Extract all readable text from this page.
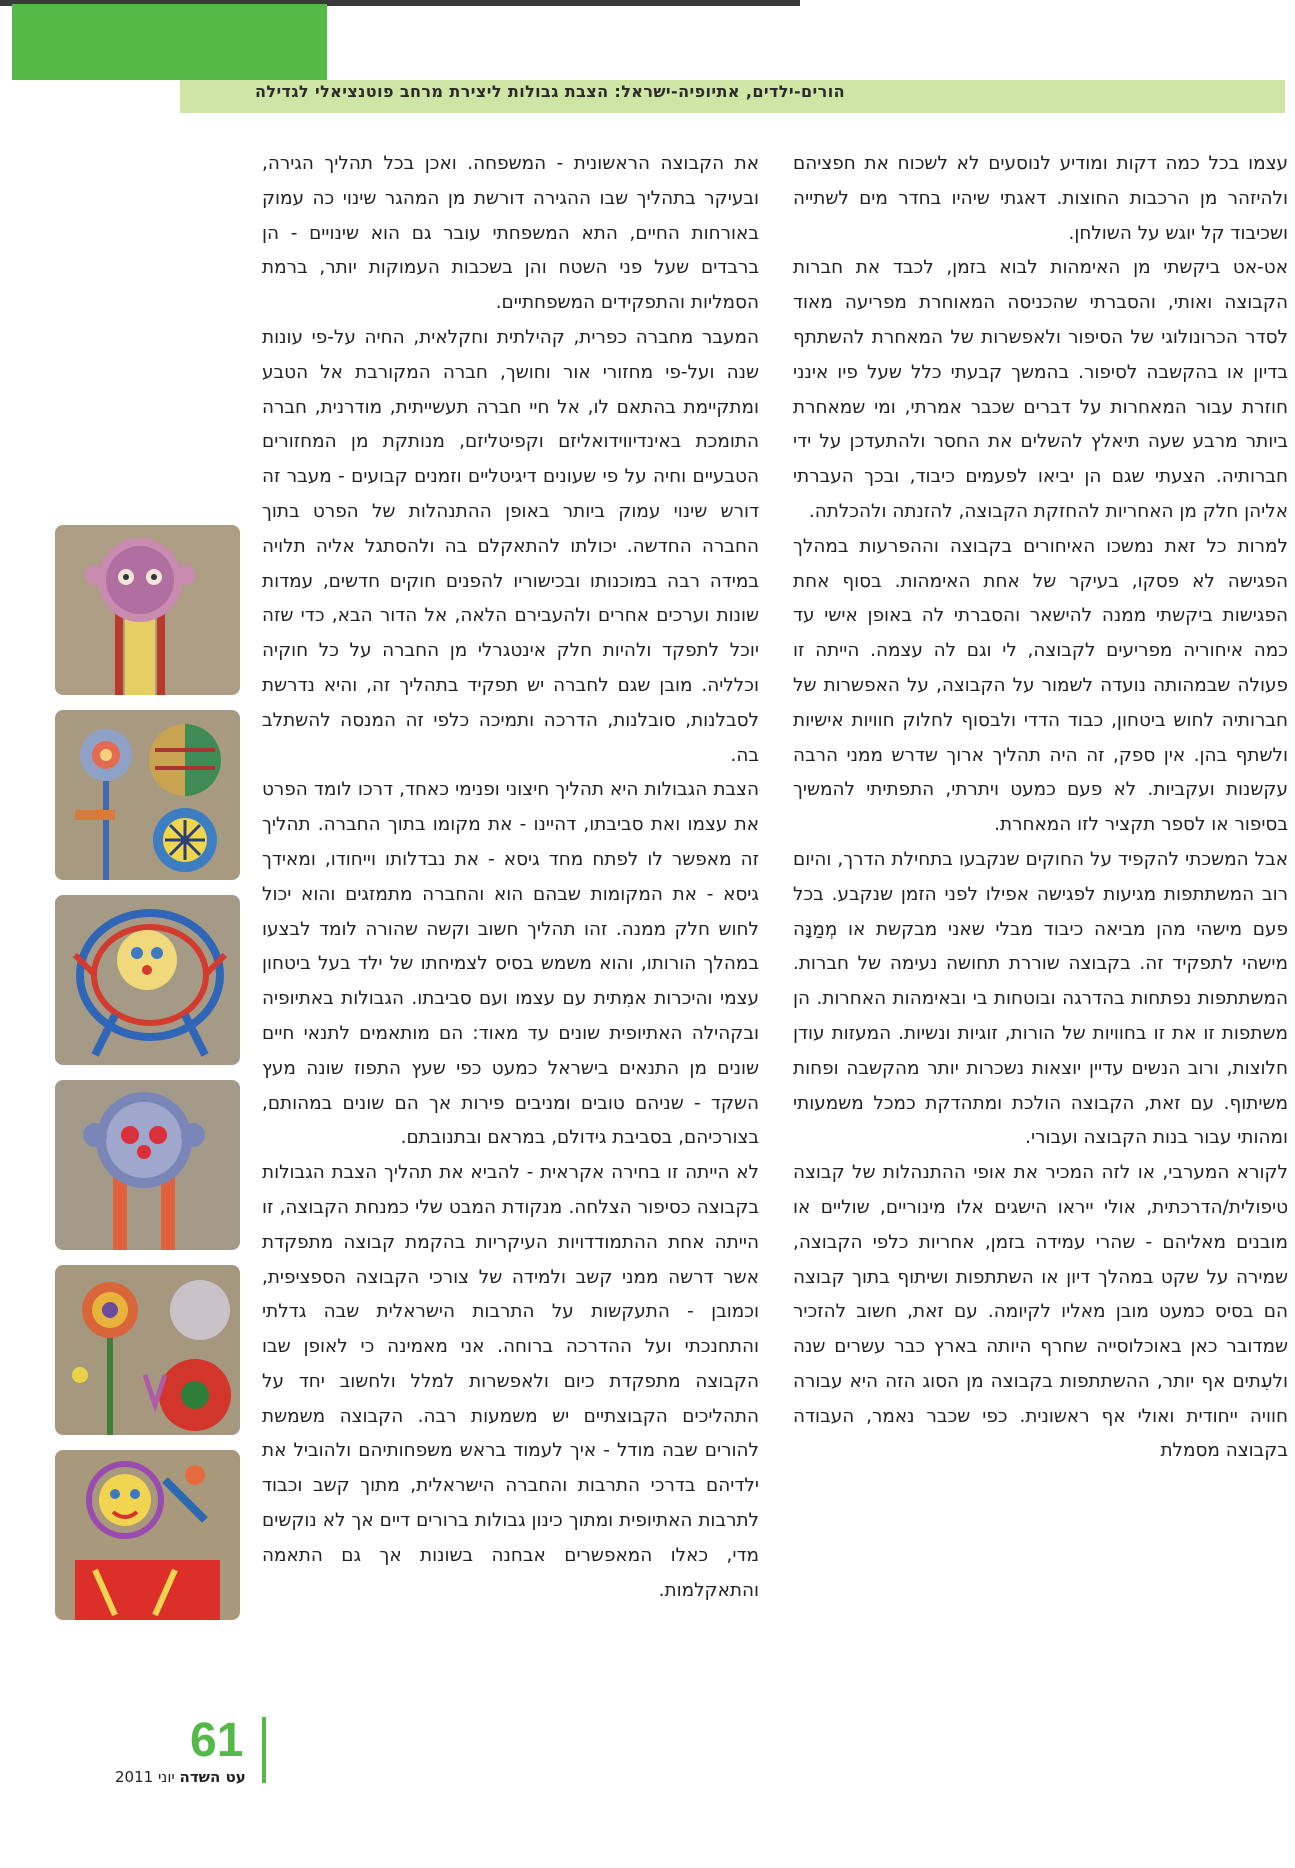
הורים-ילדים, אתיופיה-ישראל: הצבת גבולות ליצירת מרחב פוטנציאלי לגדילה

עצמו בכל כמה דקות ומודיע לנוסעים לא לשכוח את חפציהם ולהיזהר מן הרכבות החוצות. דאגתי שיהיו בחדר מים לשתייה ושכיבוד קל יוגש על השולחן.

אט-אט ביקשתי מן האימהות לבוא בזמן, לכבד את חברות הקבוצה ואותי, והסברתי שהכניסה המאוחרת מפריעה מאוד לסדר הכרונולוגי של הסיפור ולאפשרות של המאחרת להשתתף בדיון או בהקשבה לסיפור. בהמשך קבעתי כלל שעל פיו אינני חוזרת עבור המאחרות על דברים שכבר אמרתי, ומי שמאחרת ביותר מרבע שעה תיאלץ להשלים את החסר ולהתעדכן על ידי חברותיה. הצעתי שגם הן יביאו לפעמים כיבוד, ובכך העברתי אליהן חלק מן האחריות להחזקת הקבוצה, להזנתה ולהכלתה.

למרות כל זאת נמשכו האיחורים בקבוצה וההפרעות במהלך הפגישה לא פסקו, בעיקר של אחת האימהות. בסוף אחת הפגישות ביקשתי ממנה להישאר והסברתי לה באופן אישי עד כמה איחוריה מפריעים לקבוצה, לי וגם לה עצמה. הייתה זו פעולה שבמהותה נועדה לשמור על הקבוצה, על האפשרות של חברותיה לחוש ביטחון, כבוד הדדי ולבסוף לחלוק חוויות אישיות ולשתף בהן. אין ספק, זה היה תהליך ארוך שדרש ממני הרבה עקשנות ועקביות. לא פעם כמעט ויתרתי, התפתיתי להמשיך בסיפור או לספר תקציר לזו המאחרת.

אבל המשכתי להקפיד על החוקים שנקבעו בתחילת הדרך, והיום רוב המשתתפות מגיעות לפגישה אפילו לפני הזמן שנקבע. בכל פעם מישהי מהן מביאה כיבוד מבלי שאני מבקשת או מְמַנָּה מישהי לתפקיד זה. בקבוצה שוררת תחושה נעימה של חברות. המשתתפות נפתחות בהדרגה ובוטחות בי ובאימהות האחרות. הן משתפות זו את זו בחוויות של הורות, זוגיות ונשיות. המעזות עודן חלוצות, ורוב הנשים עדיין יוצאות נשכרות יותר מהקשבה ופחות משיתוף. עם זאת, הקבוצה הולכת ומתהדקת כמכל משמעותי ומהותי עבור בנות הקבוצה ועבורי.

לקורא המערבי, או לזה המכיר את אופי ההתנהלות של קבוצה טיפולית/הדרכתית, אולי ייראו הישגים אלו מינוריים, שוליים או מובנים מאליהם - שהרי עמידה בזמן, אחריות כלפי הקבוצה, שמירה על שקט במהלך דיון או השתתפות ושיתוף בתוך קבוצה הם בסיס כמעט מובן מאליו לקיומה. עם זאת, חשוב להזכיר שמדובר כאן באוכלוסייה שחרף היותה בארץ כבר עשרים שנה ולעִתים אף יותר, ההשתתפות בקבוצה מן הסוג הזה היא עבורה חוויה ייחודית ואולי אף ראשונית. כפי שכבר נאמר, העבודה בקבוצה מסמלת

את הקבוצה הראשונית - המשפחה. ואכן בכל תהליך הגירה, ובעיקר בתהליך שבו ההגירה דורשת מן המהגר שינוי כה עמוק באורחות החיים, התא המשפחתי עובר גם הוא שינויים - הן ברבדים שעל פני השטח והן בשכבות העמוקות יותר, ברמת הסמליות והתפקידים המשפחתיים.

המעבר מחברה כפרית, קהילתית וחקלאית, החיה על-פי עונות שנה ועל-פי מחזורי אור וחושך, חברה המקורבת אל הטבע ומתקיימת בהתאם לו, אל חיי חברה תעשייתית, מודרנית, חברה התומכת באינדיווידואליזם וקפיטליזם, מנותקת מן המחזורים הטבעיים וחיה על פי שעונים דיגיטליים וזמנים קבועים - מעבר זה דורש שינוי עמוק ביותר באופן ההתנהלות של הפרט בתוך החברה החדשה. יכולתו להתאקלם בה ולהסתגל אליה תלויה במידה רבה במוכנותו ובכישוריו להפנים חוקים חדשים, עמדות שונות וערכים אחרים ולהעבירם הלאה, אל הדור הבא, כדי שזה יוכל לתפקד ולהיות חלק אינטגרלי מן החברה על כל חוקיה וכלליה. מובן שגם לחברה יש תפקיד בתהליך זה, והיא נדרשת לסבלנות, סובלנות, הדרכה ותמיכה כלפי זה המנסה להשתלב בה.

הצבת הגבולות היא תהליך חיצוני ופנימי כאחד, דרכו לומד הפרט את עצמו ואת סביבתו, דהיינו - את מקומו בתוך החברה. תהליך זה מאפשר לו לפתח מחד גיסא - את נבדלותו וייחודו, ומאידך גיסא - את המקומות שבהם הוא והחברה מתמזגים והוא יכול לחוש חלק ממנה. זהו תהליך חשוב וקשה שהורה לומד לבצעו במהלך הורותו, והוא משמש בסיס לצמיחתו של ילד בעל ביטחון עצמי והיכרות אמִתית עם עצמו ועם סביבתו. הגבולות באתיופיה ובקהילה האתיופית שונים עד מאוד: הם מותאמים לתנאי חיים שונים מן התנאים בישראל כמעט כפי שעץ התפוז שונה מעץ השקד - שניהם טובים ומניבים פירות אך הם שונים במהותם, בצורכיהם, בסביבת גידולם, במראם ובתנובתם.

לא הייתה זו בחירה אקראית - להביא את תהליך הצבת הגבולות בקבוצה כסיפור הצלחה. מנקודת המבט שלי כמנחת הקבוצה, זו הייתה אחת ההתמודדויות העיקריות בהקמת קבוצה מתפקדת אשר דרשה ממני קשב ולמידה של צורכי הקבוצה הספציפית, וכמובן - התעקשות על התרבות הישראלית שבה גדלתי והתחנכתי ועל ההדרכה ברוחה. אני מאמינה כי לאופן שבו הקבוצה מתפקדת כיום ולאפשרות למלל ולחשוב יחד על התהליכים הקבוצתיים יש משמעות רבה. הקבוצה משמשת להורים שבה מודל - איך לעמוד בראש משפחותיהם ולהוביל את ילדיהם בדרכי התרבות והחברה הישראלית, מתוך קשב וכבוד לתרבות האתיופית ומתוך כינון גבולות ברורים דיים אך לא נוקשים מדי, כאלו המאפשרים אבחנה בשונות אך גם התאמה והתאקלמות.

61
עט השדה יוני 2011
